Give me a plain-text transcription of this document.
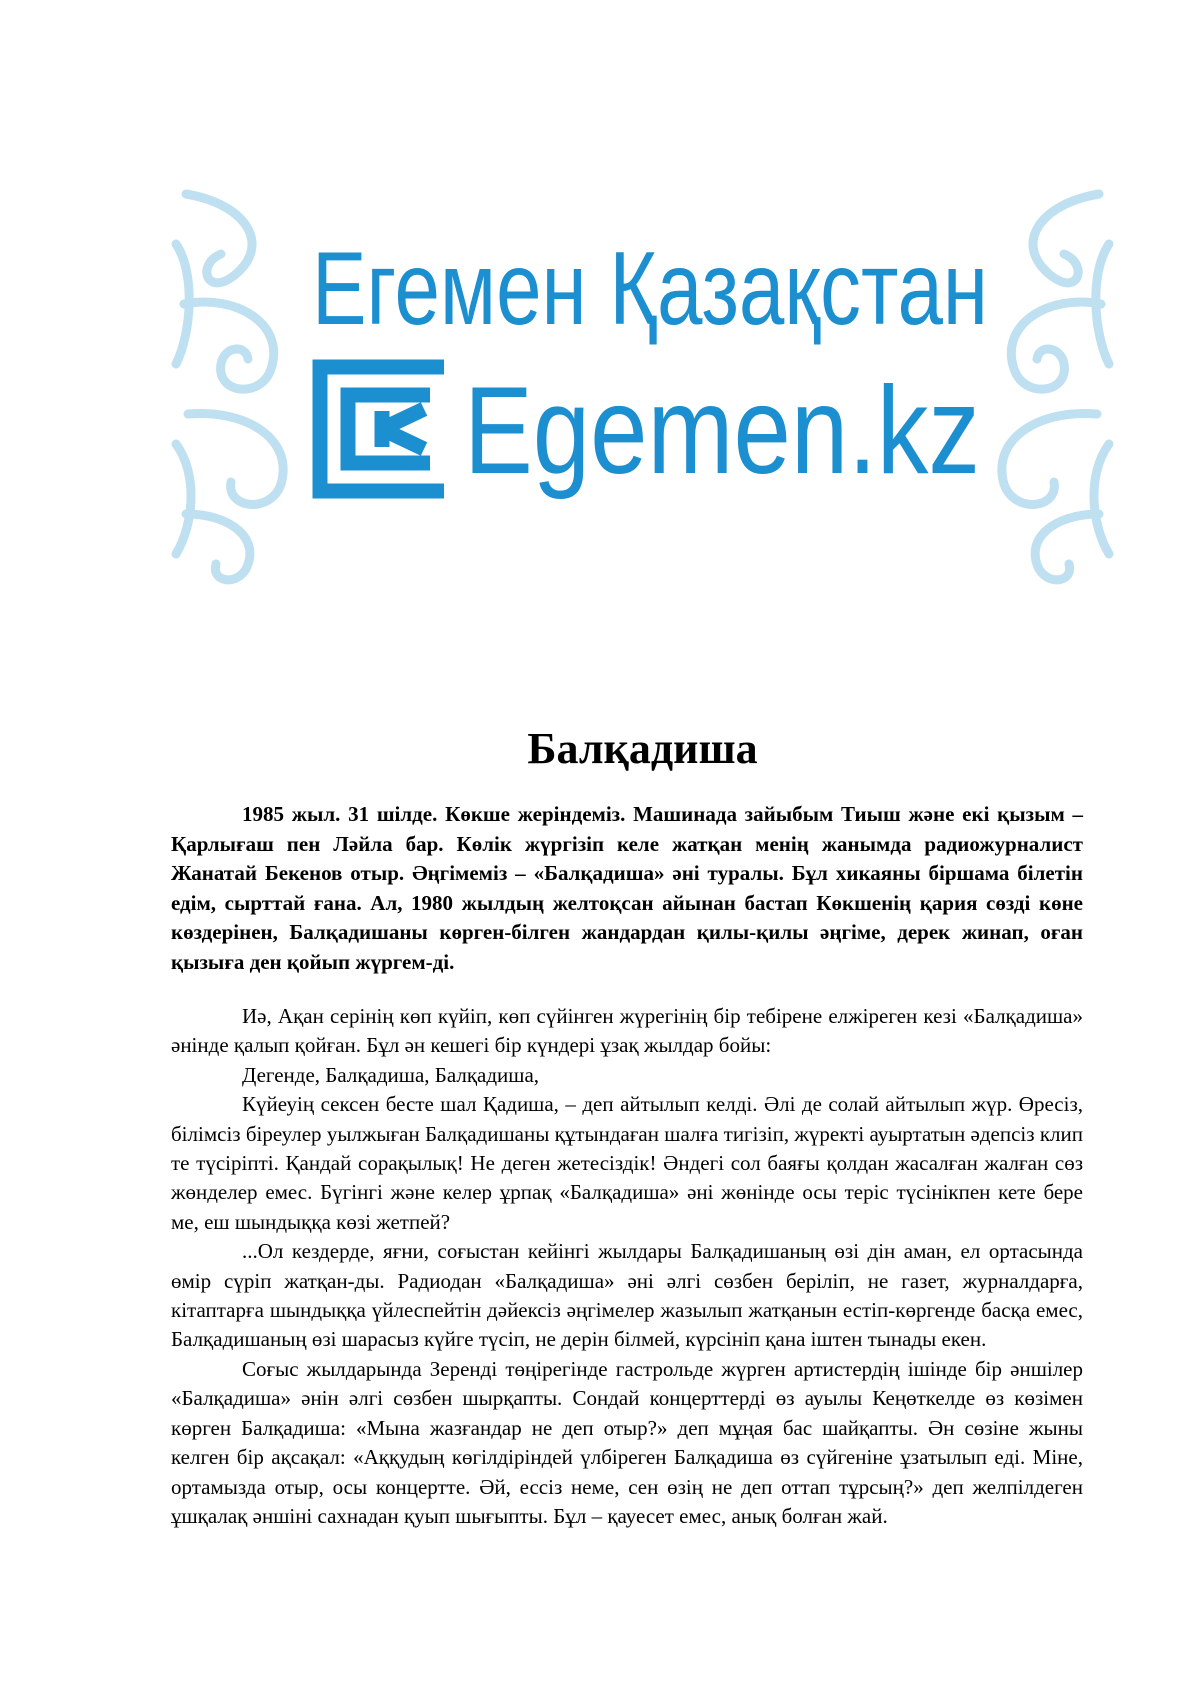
Егемен Қазақстан
Egemen.kz
Балқадиша

1985 жыл. 31 шілде. Көкше жеріндеміз. Машинада зайыбым Тиыш және екі қызым – Қарлығаш пен Ләйла бар. Көлік жүргізіп келе жатқан менің жанымда радиожурналист Жанатай Бекенов отыр. Әңгімеміз – «Балқадиша» әні туралы. Бұл хикаяны біршама білетін едім, сырттай ғана. Ал, 1980 жылдың желтоқсан айынан бастап Көкшенің қария сөзді көне көздерінен, Балқадишаны көрген-білген жандардан қилы-қилы әңгіме, дерек жинап, оған қызыға ден қойып жүргем-ді.

Иә, Ақан серінің көп күйіп, көп сүйінген жүрегінің бір тебірене елжіреген кезі «Балқадиша» әнінде қалып қойған. Бұл ән кешегі бір күндері ұзақ жылдар бойы:

Дегенде, Балқадиша, Балқадиша,

Күйеуің сексен бесте шал Қадиша, – деп айтылып келді. Әлі де солай айтылып жүр. Өресіз, білімсіз біреулер уылжыған Балқадишаны құтындаған шалға тигізіп, жүректі ауыртатын әдепсіз клип те түсіріпті. Қандай сорақылық! Не деген жетесіздік! Әндегі сол баяғы қолдан жасалған жалған сөз жөнделер емес. Бүгінгі және келер ұрпақ «Балқадиша» әні жөнінде осы теріс түсінікпен кете бере ме, еш шындыққа көзі жетпей?

...Ол кездерде, яғни, соғыстан кейінгі жылдары Балқадишаның өзі дін аман, ел ортасында өмір сүріп жатқан-ды. Радиодан «Балқадиша» әні әлгі сөзбен беріліп, не газет, журналдарға, кітаптарға шындыққа үйлеспейтін дәйексіз әңгімелер жазылып жатқанын естіп-көргенде басқа емес, Балқадишаның өзі шарасыз күйге түсіп, не дерін білмей, күрсініп қана іштен тынады екен.

Соғыс жылдарында Зеренді төңірегінде гастрольде жүрген артистердің ішінде бір әншілер «Балқадиша» әнін әлгі сөзбен шырқапты. Сондай концерттерді өз ауылы Кеңөткелде өз көзімен көрген Балқадиша: «Мына жазғандар не деп отыр?» деп мұңая бас шайқапты. Ән сөзіне жыны келген бір ақсақал: «Аққудың көгілдіріндей үлбіреген Балқадиша өз сүйгеніне ұзатылып еді. Міне, ортамызда отыр, осы концертте. Әй, ессіз неме, сен өзің не деп оттап тұрсың?» деп желпілдеген ұшқалақ әншіні сахнадан қуып шығыпты. Бұл – қауесет емес, анық болған жай.
